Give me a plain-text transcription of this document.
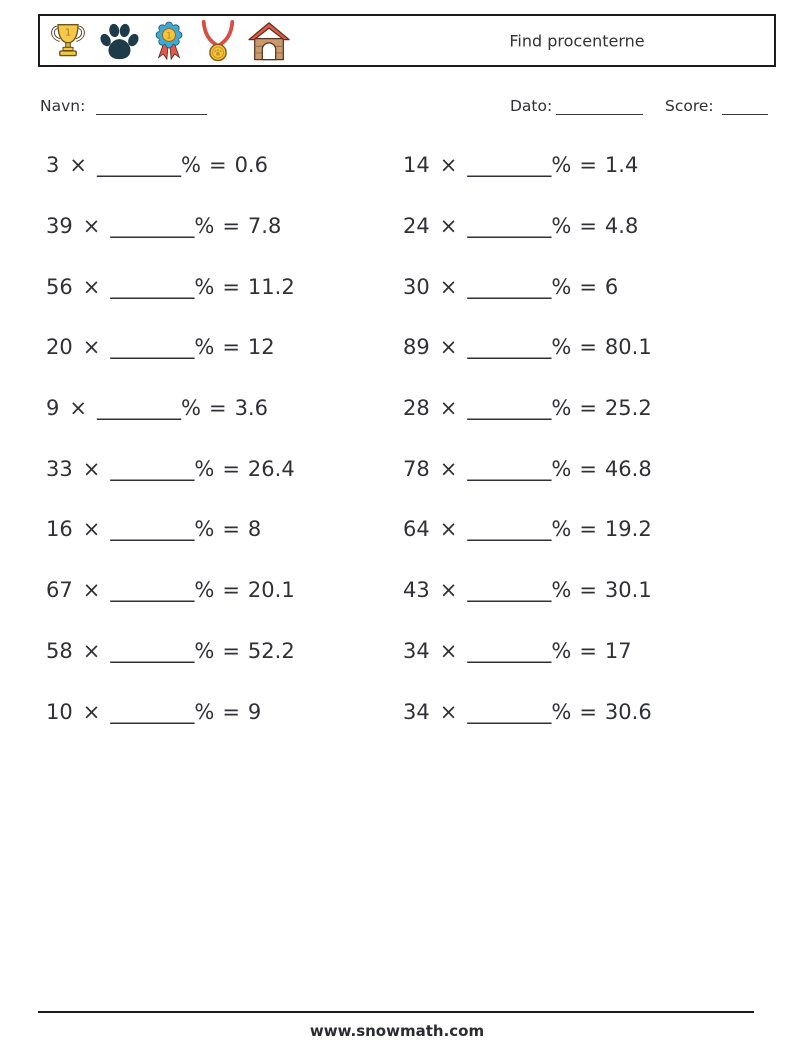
1	1	Find procenterne
Navn:	Dato:	Score:
3 × ________% = 0.6	14 × ________% = 1.4
39 × ________% = 7.8	24 × ________% = 4.8
56 × ________% = 11.2	30 × ________% = 6
20 × ________% = 12	89 × ________% = 80.1
9 × ________% = 3.6	28 × ________% = 25.2
33 × ________% = 26.4	78 × ________% = 46.8
16 × ________% = 8	64 × ________% = 19.2
67 × ________% = 20.1	43 × ________% = 30.1
58 × ________% = 52.2	34 × ________% = 17
10 × ________% = 9	34 × ________% = 30.6
www.snowmath.com
